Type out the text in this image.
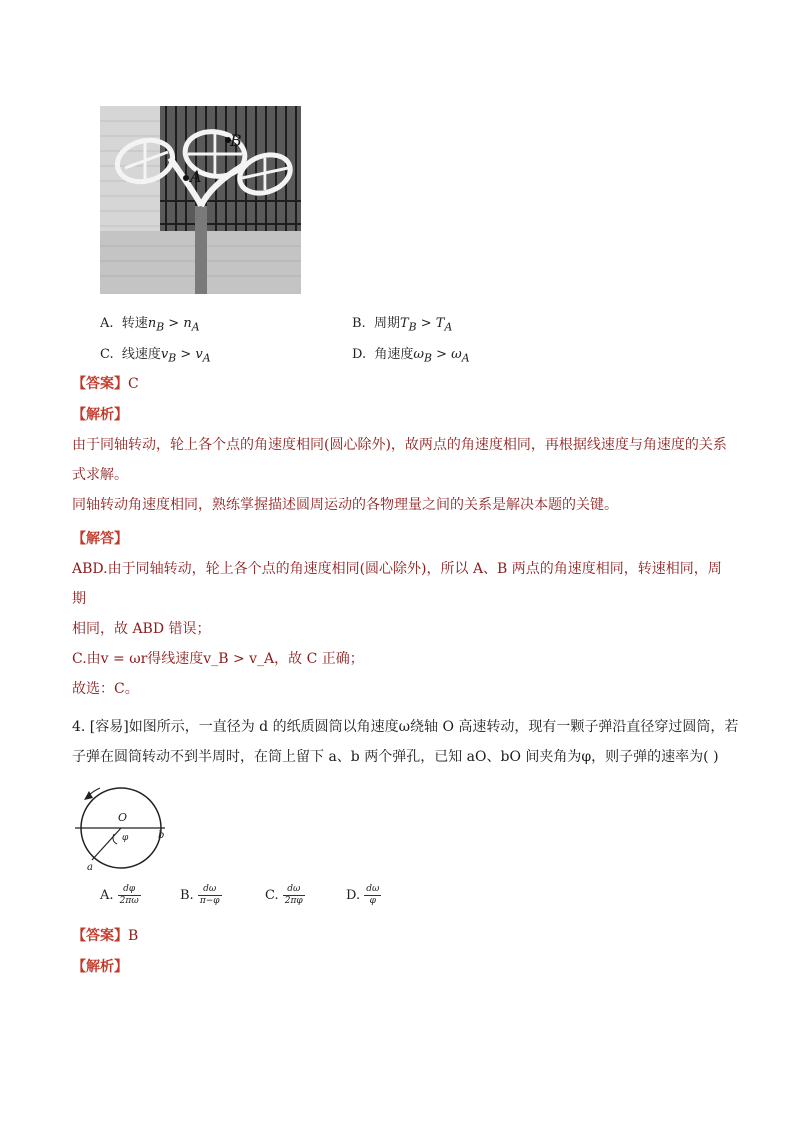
A
B
A. 转速$n_B > n_A$	B. 周期$T_B > T_A$
C. 线速度$v_B > v_A$	D. 角速度$\omega_B > \omega_A$
【答案】C
【解析】
由于同轴转动，轮上各个点的角速度相同(圆心除外)，故两点的角速度相同，再根据线速度与角速度的关系
式求解。
同轴转动角速度相同，熟练掌握描述圆周运动的各物理量之间的关系是解决本题的关键。
【解答】
ABD.由于同轴转动，轮上各个点的角速度相同(圆心除外)，所以 A、B 两点的角速度相同，转速相同，周期
相同，故 ABD 错误；
C.由v = ωr得线速度v_B > v_A，故 C 正确；
故选：C。
4. [容易]如图所示，一直径为 d 的纸质圆筒以角速度ω绕轴 O 高速转动，现有一颗子弹沿直径穿过圆筒，若
子弹在圆筒转动不到半周时，在筒上留下 a、b 两个弹孔，已知 aO、bO 间夹角为φ，则子弹的速率为( )
O
φ	b
a
A. $\frac{d\varphi}{2\pi\omega}$	B. $\frac{d\omega}{\pi-\varphi}$	C. $\frac{d\omega}{2\pi\varphi}$	D. $\frac{d\omega}{\varphi}$
【答案】B
【解析】
